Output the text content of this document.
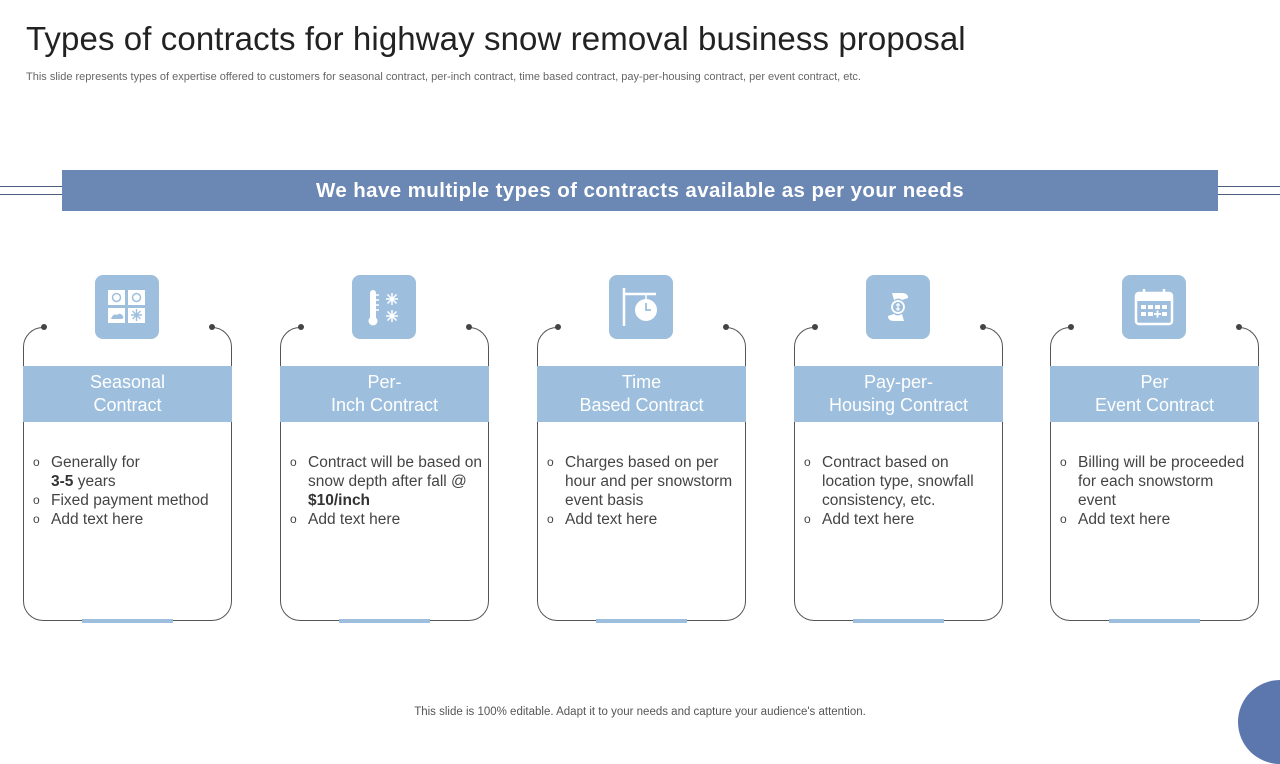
Types of contracts for highway snow removal business proposal
This slide represents types of expertise offered to customers for seasonal contract, per-inch contract, time based contract, pay-per-housing contract, per event contract, etc.
We have multiple types of contracts available as per your needs
Seasonal
Contract
o Generally for
3-5 years
o Fixed payment method
o Add text here
Per-
Inch Contract
o Contract will be based on snow depth after fall @ $10/inch
o Add text here
Time
Based Contract
o Charges based on per hour and per snowstorm event basis
o Add text here
Pay-per-
Housing Contract
o Contract based on location type, snowfall consistency, etc.
o Add text here
Per
Event Contract
o Billing will be proceeded for each snowstorm event
o Add text here
This slide is 100% editable. Adapt it to your needs and capture your audience's attention.
